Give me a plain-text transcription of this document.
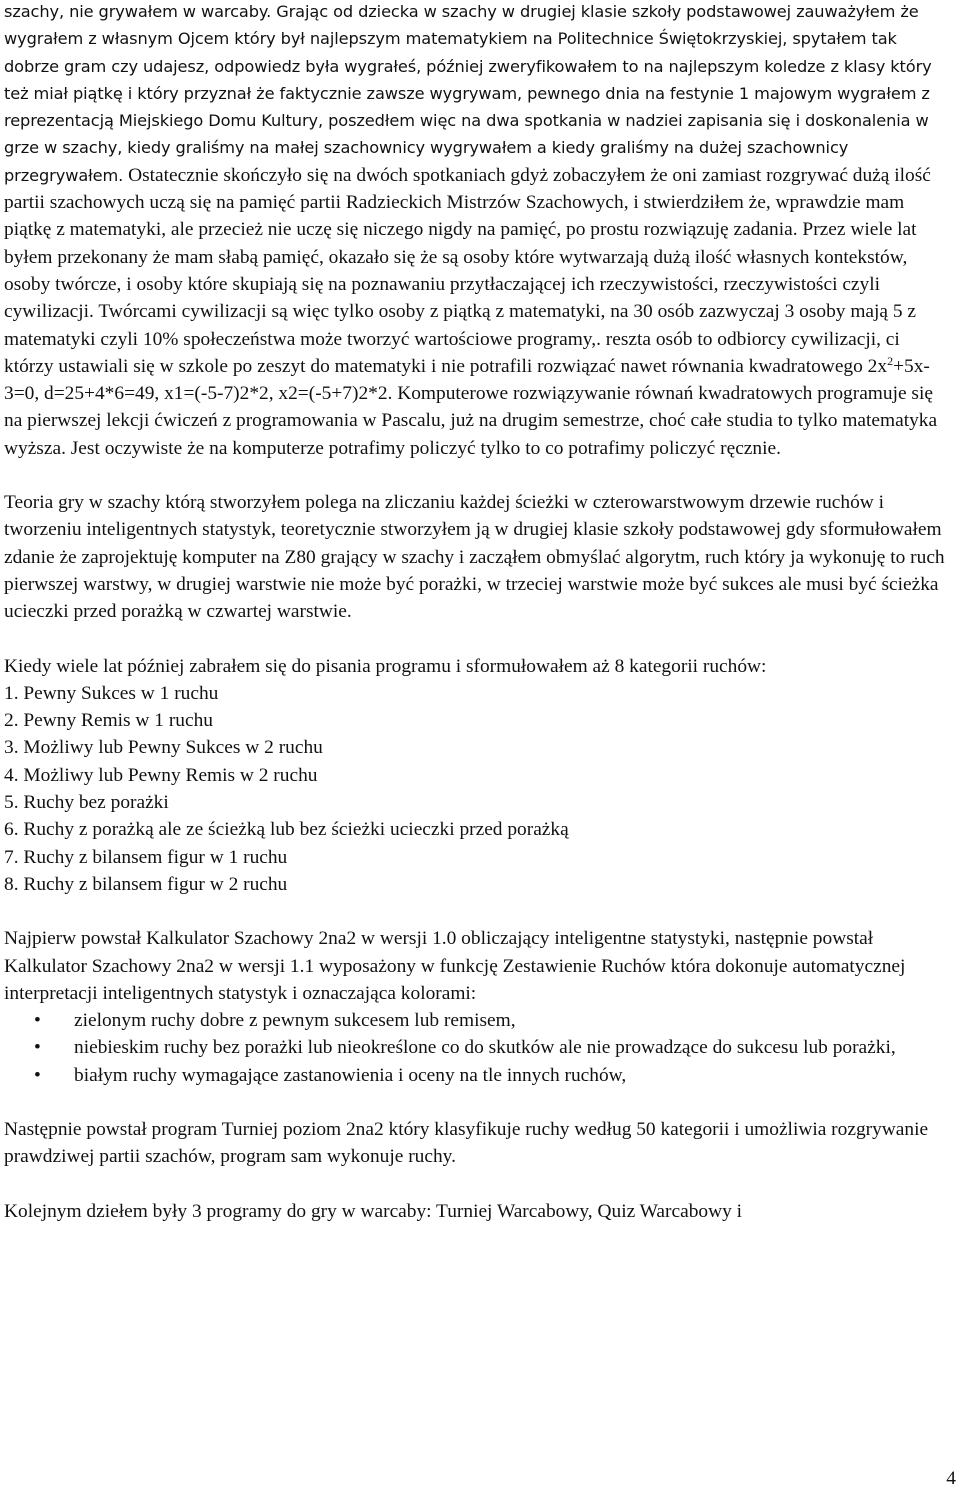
szachy, nie grywałem w warcaby. Grając od dziecka w szachy w drugiej klasie szkoły podstawowej zauważyłem że wygrałem z własnym Ojcem który był najlepszym matematykiem na Politechnice Świętokrzyskiej, spytałem tak dobrze gram czy udajesz, odpowiedz była wygrałeś, później zweryfikowałem to na najlepszym koledze z klasy który też miał piątkę i który przyznał że faktycznie zawsze wygrywam, pewnego dnia na festynie 1 majowym wygrałem z reprezentacją Miejskiego Domu Kultury, poszedłem więc na dwa spotkania w nadziei zapisania się i doskonalenia w grze w szachy, kiedy graliśmy na małej szachownicy wygrywałem a kiedy graliśmy na dużej szachownicy przegrywałem. Ostatecznie skończyło się na dwóch spotkaniach gdyż zobaczyłem że oni zamiast rozgrywać dużą ilość partii szachowych uczą się na pamięć partii Radzieckich Mistrzów Szachowych, i stwierdziłem że, wprawdzie mam piątkę z matematyki, ale przecież nie uczę się niczego nigdy na pamięć, po prostu rozwiązuję zadania. Przez wiele lat byłem przekonany że mam słabą pamięć, okazało się że są osoby które wytwarzają dużą ilość własnych kontekstów, osoby twórcze, i osoby które skupiają się na poznawaniu przytłaczającej ich rzeczywistości, rzeczywistości czyli cywilizacji. Twórcami cywilizacji są więc tylko osoby z piątką z matematyki, na 30 osób zazwyczaj 3 osoby mają 5 z matematyki czyli 10% społeczeństwa może tworzyć wartościowe programy,. reszta osób to odbiorcy cywilizacji, ci którzy ustawiali się w szkole po zeszyt do matematyki i nie potrafili rozwiązać nawet równania kwadratowego $2x^2+5x-3=0$, d=25+4*6=49, x1=(-5-7)2*2, x2=(-5+7)2*2. Komputerowe rozwiązywanie równań kwadratowych programuje się na pierwszej lekcji ćwiczeń z programowania w Pascalu, już na drugim semestrze, choć całe studia to tylko matematyka wyższa. Jest oczywiste że na komputerze potrafimy policzyć tylko to co potrafimy policzyć ręcznie.

Teoria gry w szachy którą stworzyłem polega na zliczaniu każdej ścieżki w czterowarstwowym drzewie ruchów i tworzeniu inteligentnych statystyk, teoretycznie stworzyłem ją w drugiej klasie szkoły podstawowej gdy sformułowałem zdanie że zaprojektuję komputer na Z80 grający w szachy i zacząłem obmyślać algorytm, ruch który ja wykonuję to ruch pierwszej warstwy, w drugiej warstwie nie może być porażki, w trzeciej warstwie może być sukces ale musi być ścieżka ucieczki przed porażką w czwartej warstwie.

Kiedy wiele lat później zabrałem się do pisania programu i sformułowałem aż 8 kategorii ruchów:

1. Pewny Sukces w 1 ruchu
2. Pewny Remis w 1 ruchu
3. Możliwy lub Pewny Sukces w 2 ruchu
4. Możliwy lub Pewny Remis w 2 ruchu
5. Ruchy bez porażki
6. Ruchy z porażką ale ze ścieżką lub bez ścieżki ucieczki przed porażką
7. Ruchy z bilansem figur w 1 ruchu
8. Ruchy z bilansem figur w 2 ruchu

Najpierw powstał Kalkulator Szachowy 2na2 w wersji 1.0 obliczający inteligentne statystyki, następnie powstał Kalkulator Szachowy 2na2 w wersji 1.1 wyposażony w funkcję Zestawienie Ruchów która dokonuje automatycznej interpretacji inteligentnych statystyk i oznaczająca kolorami:

• zielonym ruchy dobre z pewnym sukcesem lub remisem,
• niebieskim ruchy bez porażki lub nieokreślone co do skutków ale nie prowadzące do sukcesu lub porażki,
• białym ruchy wymagające zastanowienia i oceny na tle innych ruchów,

Następnie powstał program Turniej poziom 2na2 który klasyfikuje ruchy według 50 kategorii i umożliwia rozgrywanie prawdziwej partii szachów, program sam wykonuje ruchy.

Kolejnym dziełem były 3 programy do gry w warcaby: Turniej Warcabowy, Quiz Warcabowy i

4
